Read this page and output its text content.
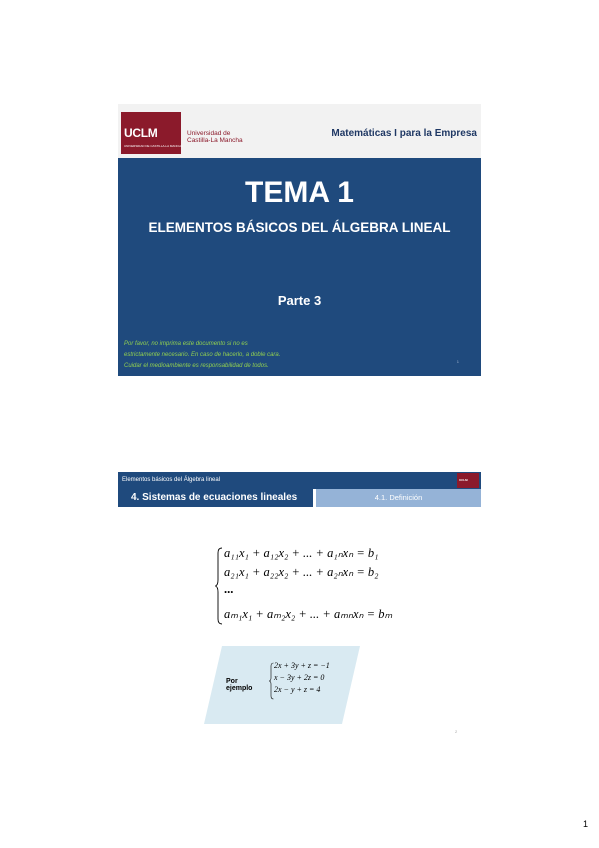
UCLM
UNIVERSIDAD DE CASTILLA-LA MANCHA
Universidad de
Castilla-La Mancha
Matemáticas I para la Empresa
TEMA 1
ELEMENTOS BÁSICOS DEL ÁLGEBRA LINEAL
Parte 3
Por favor, no imprima este documento si no es
estrictamente necesario. En caso de hacerlo, a doble cara.
Cuidar el medioambiente es responsabilidad de todos.
1
Elementos básicos del Álgebra lineal	UCLM
4. Sistemas de ecuaciones lineales	4.1. Definición
a₁₁x₁ + a₁₂x₂ + ... + a₁ₙxₙ = b₁
a₂₁x₁ + a₂₂x₂ + ... + a₂ₙxₙ = b₂
...
aₘ₁x₁ + aₘ₂x₂ + ... + aₘₙxₙ = bₘ
Por ejemplo
2x + 3y + z = −1
x − 3y + 2z = 0
2x − y + z = 4
2
1
